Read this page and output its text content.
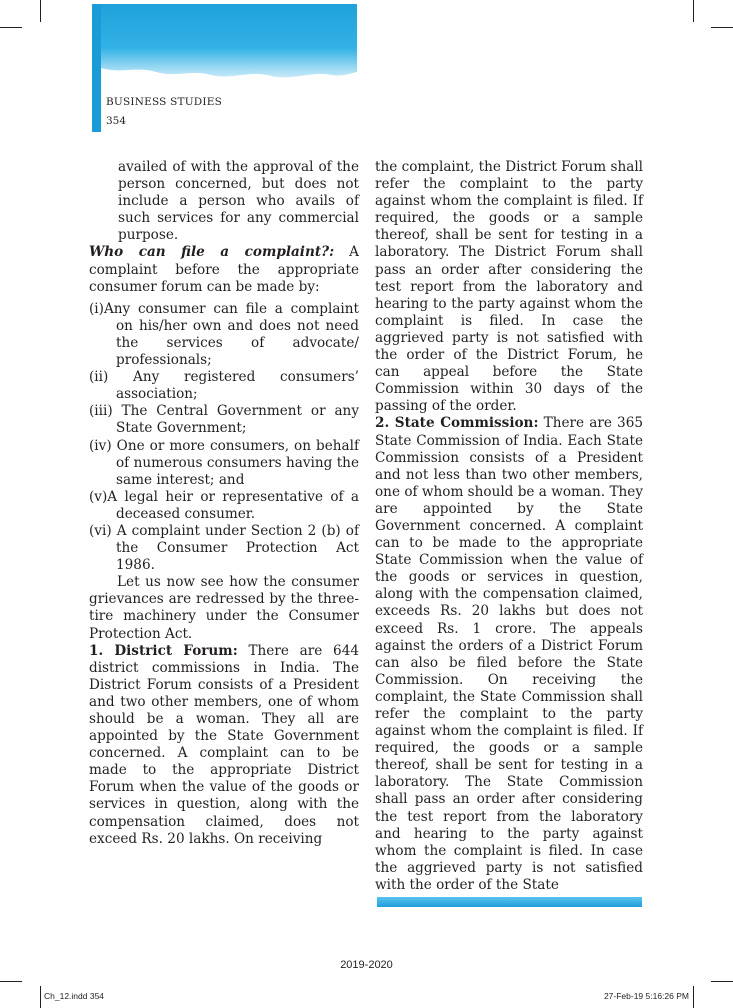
BUSINESS STUDIES
354

availed of with the approval of the person concerned, but does not include a person who avails of such services for any commercial purpose.

Who can file a complaint?: A complaint before the appropriate consumer forum can be made by:

(i)Any consumer can file a complaint on his/her own and does not need the services of advocate/ professionals;

(ii) Any registered consumers’ association;

(iii) The Central Government or any State Government;

(iv) One or more consumers, on behalf of numerous consumers having the same interest; and

(v)A legal heir or representative of a deceased consumer.

(vi) A complaint under Section 2 (b) of the Consumer Protection Act 1986.

Let us now see how the consumer grievances are redressed by the three-tire machinery under the Consumer Protection Act.

1. District Forum: There are 644 district commissions in India. The District Forum consists of a President and two other members, one of whom should be a woman. They all are appointed by the State Government concerned. A complaint can to be made to the appropriate District Forum when the value of the goods or services in question, along with the compensation claimed, does not exceed Rs. 20 lakhs. On receiving

the complaint, the District Forum shall refer the complaint to the party against whom the complaint is filed. If required, the goods or a sample thereof, shall be sent for testing in a laboratory. The District Forum shall pass an order after considering the test report from the laboratory and hearing to the party against whom the complaint is filed. In case the aggrieved party is not satisfied with the order of the District Forum, he can appeal before the State Commission within 30 days of the passing of the order.

2. State Commission: There are 365 State Commission of India. Each State Commission consists of a President and not less than two other members, one of whom should be a woman. They are appointed by the State Government concerned. A complaint can to be made to the appropriate State Commission when the value of the goods or services in question, along with the compensation claimed, exceeds Rs. 20 lakhs but does not exceed Rs. 1 crore. The appeals against the orders of a District Forum can also be filed before the State Commission. On receiving the complaint, the State Commission shall refer the complaint to the party against whom the complaint is filed. If required, the goods or a sample thereof, shall be sent for testing in a laboratory. The State Commission shall pass an order after considering the test report from the laboratory and hearing to the party against whom the complaint is filed. In case the aggrieved party is not satisfied with the order of the State

2019-2020
Ch_12.indd 354	27-Feb-19 5:16:26 PM
